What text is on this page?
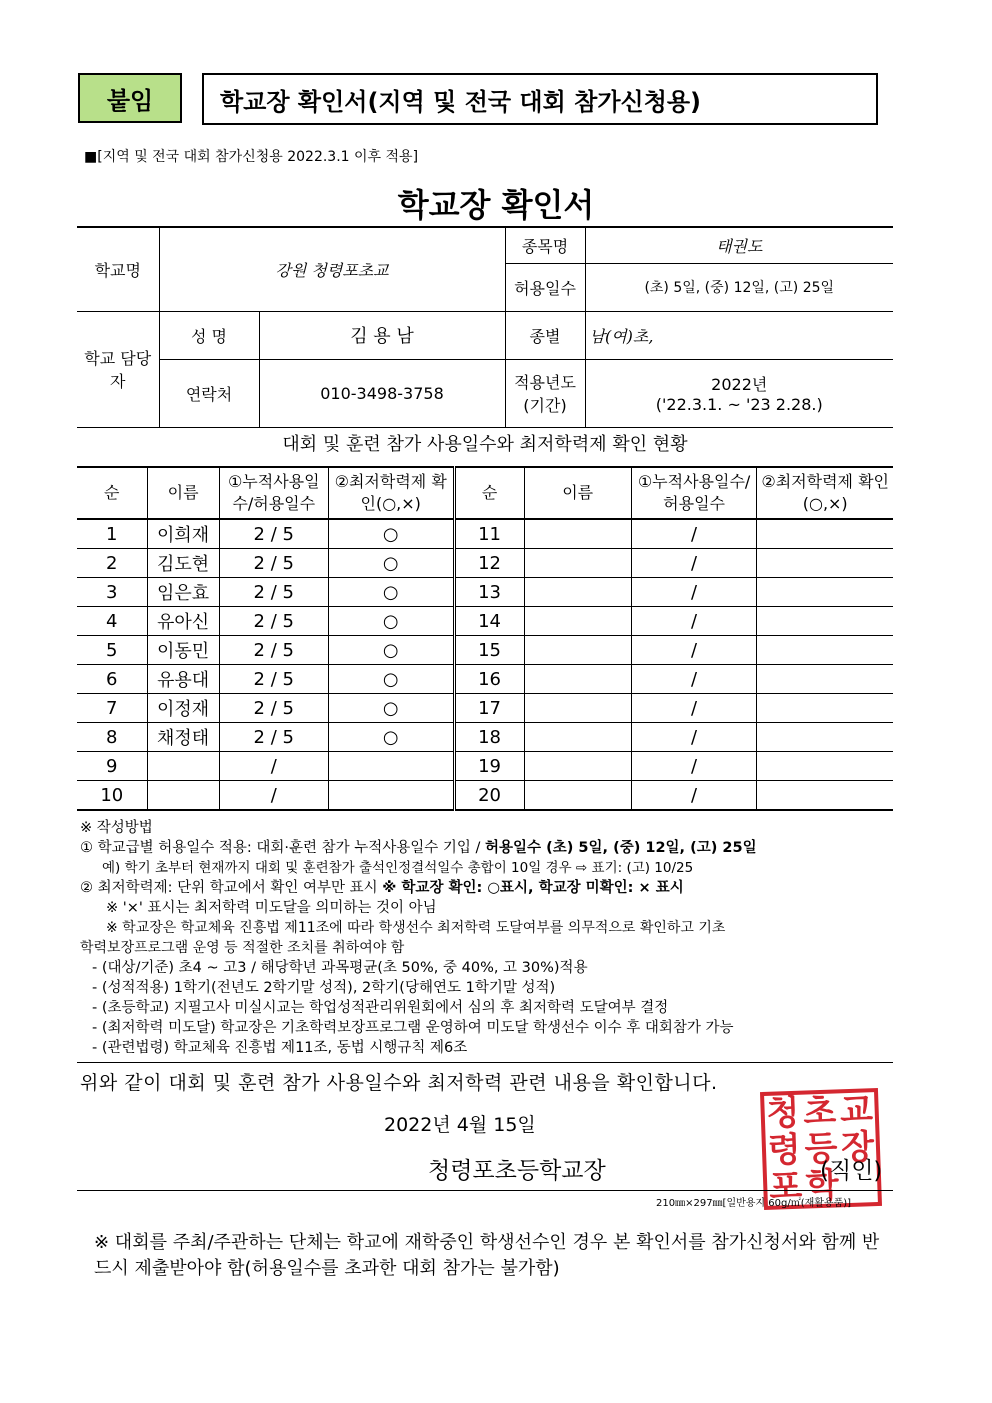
붙임	학교장 확인서(지역 및 전국 대회 참가신청용)
■[지역 및 전국 대회 참가신청용 2022.3.1 이후 적용]
학교장 확인서
학교명	강원 청령포초교		종목명	태권도
			허용일수	(초) 5일, (중) 12일, (고) 25일
학교 담당자	성 명	김 용 남	종별	남(여)초,
	연락처	010-3498-3758	적용년도 (기간)	2022년
('22.3.1. ~ '23 2.28.)
대회 및 훈련 참가 사용일수와 최저학력제 확인 현황
순	이름	①누적사용일수/허용일수	②최저학력제 확인(○,×)	순	이름	①누적사용일수/ 허용일수	②최저학력제 확인(○,×)
1	이희재	2 / 5	○	11		/	
2	김도현	2 / 5	○	12		/	
3	임은효	2 / 5	○	13		/	
4	유아신	2 / 5	○	14		/	
5	이동민	2 / 5	○	15		/	
6	유용대	2 / 5	○	16		/	
7	이정재	2 / 5	○	17		/	
8	채정태	2 / 5	○	18		/	
9		/		19		/	
10		/		20		/	
※ 작성방법
① 학교급별 허용일수 적용: 대회·훈련 참가 누적사용일수 기입 / 허용일수 (초) 5일, (중) 12일, (고) 25일
예) 학기 초부터 현재까지 대회 및 훈련참가 출석인정결석일수 총합이 10일 경우 ⇨ 표기: (고) 10/25
② 최저학력제: 단위 학교에서 확인 여부만 표시 ※ 학교장 확인: ○표시, 학교장 미확인: × 표시
※ '×' 표시는 최저학력 미도달을 의미하는 것이 아님
※ 학교장은 학교체육 진흥법 제11조에 따라 학생선수 최저학력 도달여부를 의무적으로 확인하고 기초
학력보장프로그램 운영 등 적절한 조치를 취하여야 함
- (대상/기준) 초4 ~ 고3 / 해당학년 과목평균(초 50%, 중 40%, 고 30%)적용
- (성적적용) 1학기(전년도 2학기말 성적), 2학기(당해연도 1학기말 성적)
- (초등학교) 지필고사 미실시교는 학업성적관리위원회에서 심의 후 최저학력 도달여부 결정
- (최저학력 미도달) 학교장은 기초학력보장프로그램 운영하여 미도달 학생선수 이수 후 대회참가 가능
- (관련법령) 학교체육 진흥법 제11조, 동법 시행규칙 제6조
위와 같이 대회 및 훈련 참가 사용일수와 최저학력 관련 내용을 확인합니다.
2022년 4월 15일
청령포초등학교장
청 초 교
령 등 장
포 학
(직인)
210㎜×297㎜[일반용지 60g/㎡(재활용품)]
※ 대회를 주최/주관하는 단체는 학교에 재학중인 학생선수인 경우 본 확인서를 참가신청서와 함께 반드시 제출받아야 함(허용일수를 초과한 대회 참가는 불가함)
